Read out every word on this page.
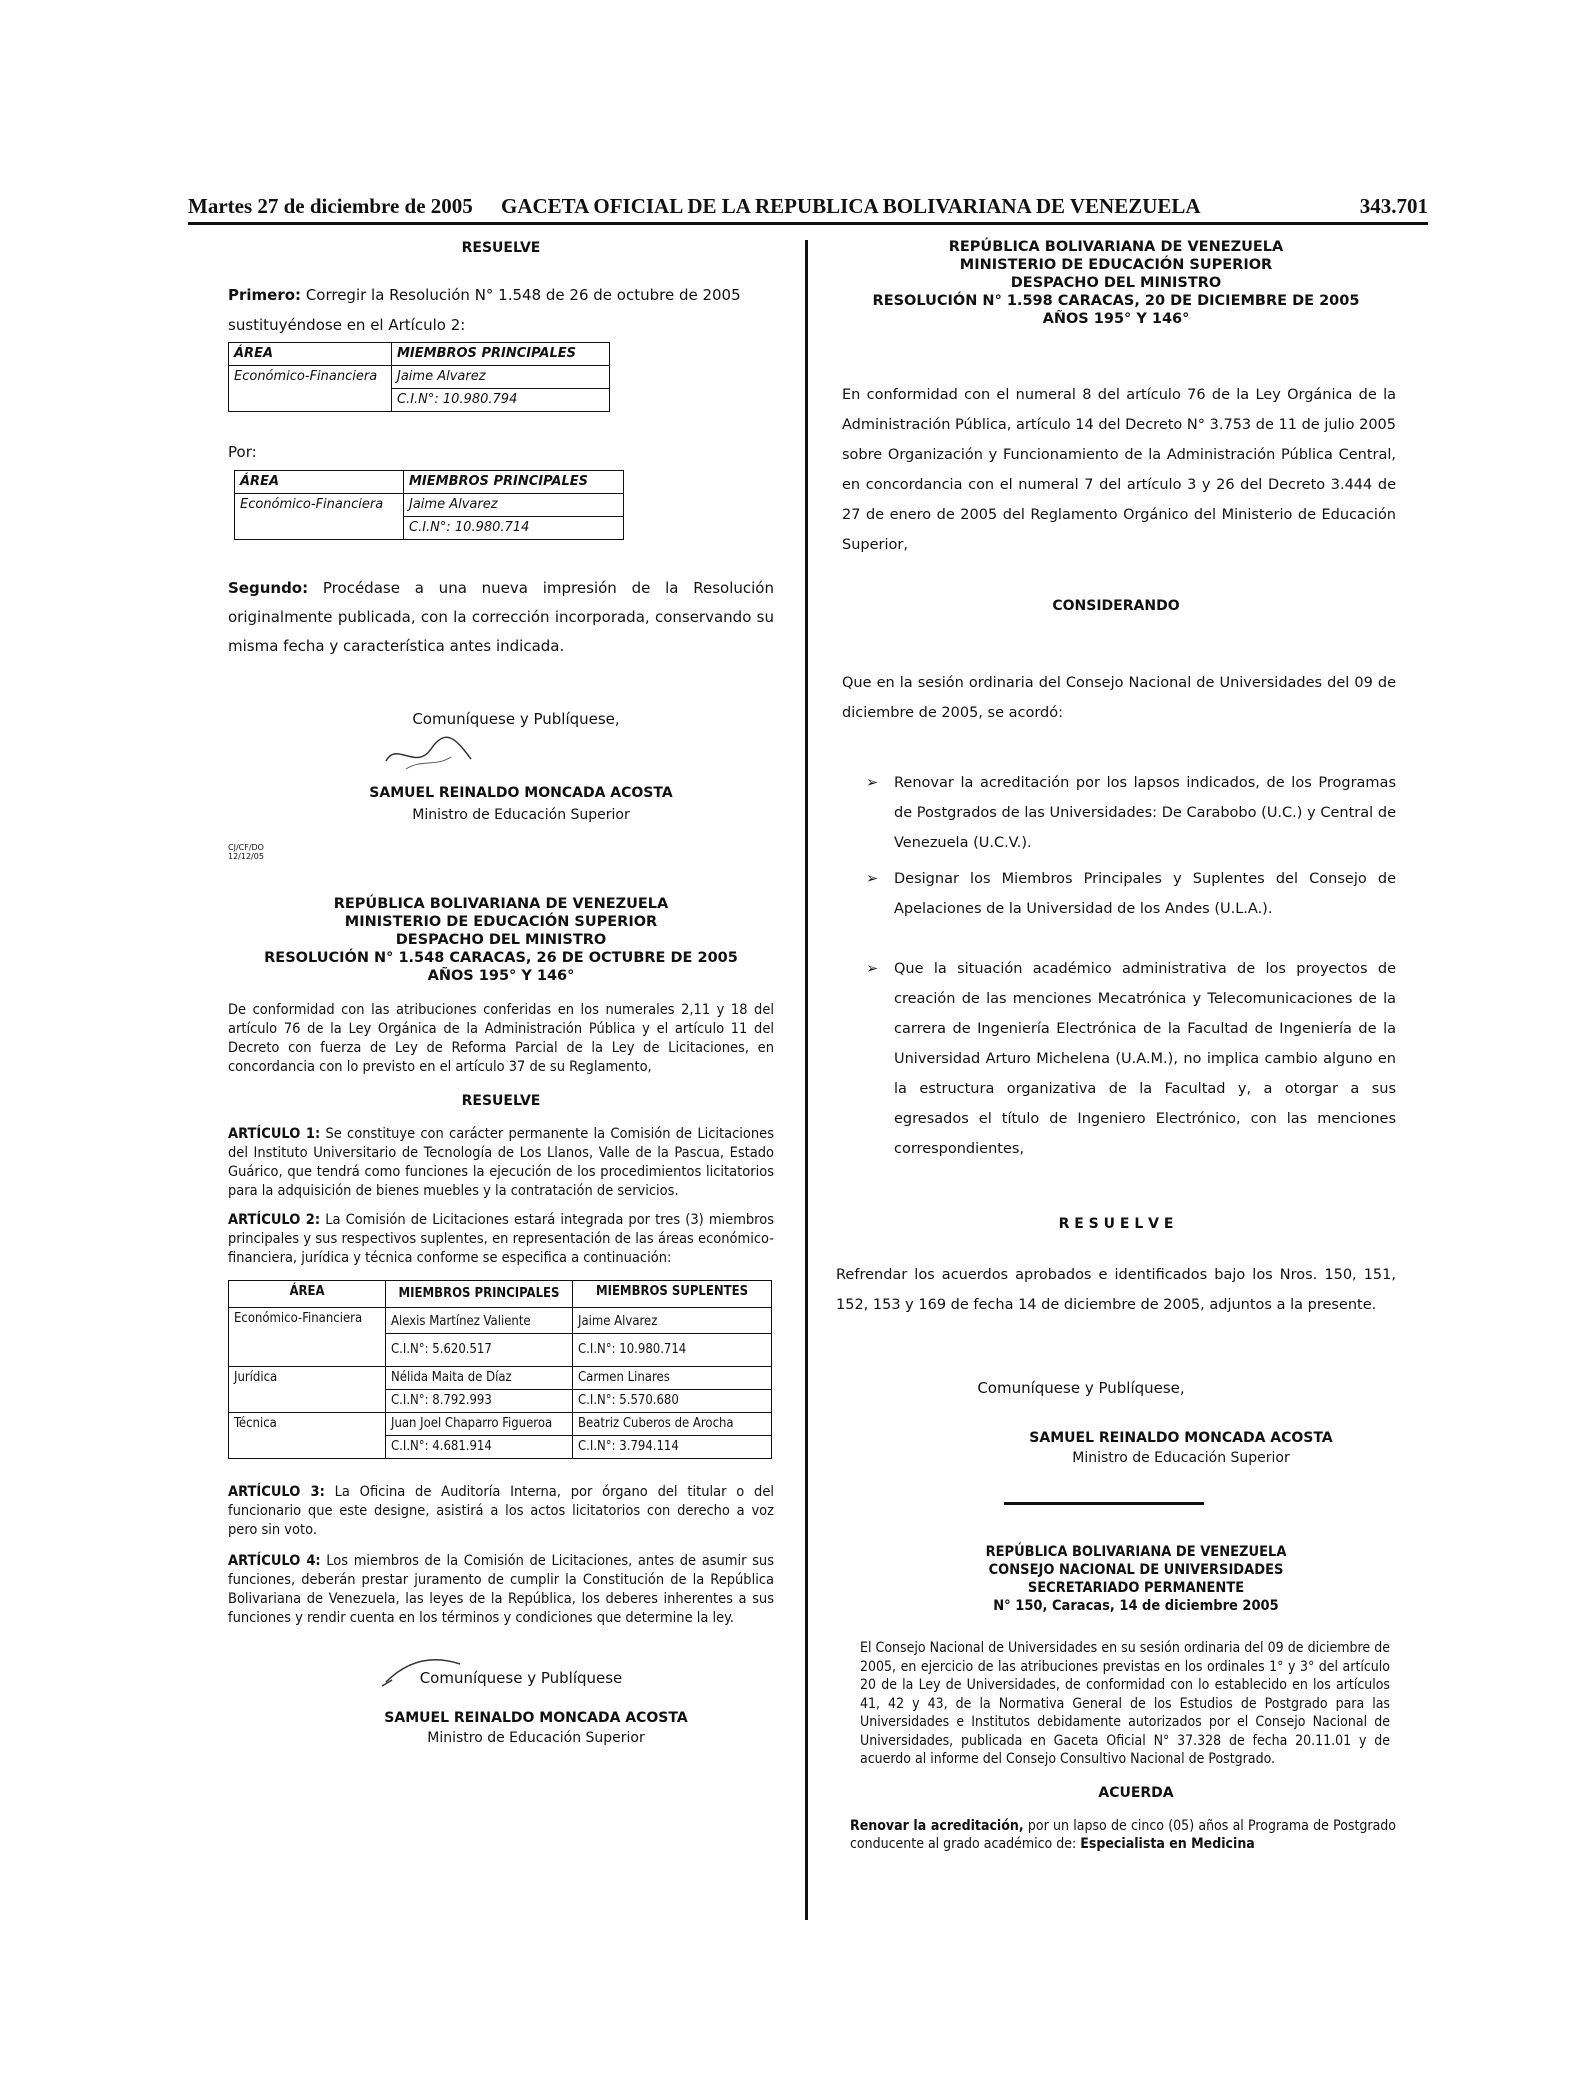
Martes 27 de diciembre de 2005 GACETA OFICIAL DE LA REPUBLICA BOLIVARIANA DE VENEZUELA	343.701

RESUELVE

Primero: Corregir la Resolución N° 1.548 de 26 de octubre de 2005 sustituyéndose en el Artículo 2:

ÁREA	MIEMBROS PRINCIPALES
Económico-Financiera	Jaime Alvarez
	C.I.N°: 10.980.794

Por:

ÁREA	MIEMBROS PRINCIPALES
Económico-Financiera	Jaime Alvarez
	C.I.N°: 10.980.714

Segundo: Procédase a una nueva impresión de la Resolución originalmente publicada, con la corrección incorporada, conservando su misma fecha y característica antes indicada.

Comuníquese y Publíquese,

SAMUEL REINALDO MONCADA ACOSTA

Ministro de Educación Superior

CJ/CF/DO
12/12/05

REPÚBLICA BOLIVARIANA DE VENEZUELA

MINISTERIO DE EDUCACIÓN SUPERIOR

DESPACHO DEL MINISTRO

RESOLUCIÓN N° 1.548 CARACAS, 26 DE OCTUBRE DE 2005

AÑOS 195° Y 146°

De conformidad con las atribuciones conferidas en los numerales 2,11 y 18 del artículo 76 de la Ley Orgánica de la Administración Pública y el artículo 11 del Decreto con fuerza de Ley de Reforma Parcial de la Ley de Licitaciones, en concordancia con lo previsto en el artículo 37 de su Reglamento,

RESUELVE

ARTÍCULO 1: Se constituye con carácter permanente la Comisión de Licitaciones del Instituto Universitario de Tecnología de Los Llanos, Valle de la Pascua, Estado Guárico, que tendrá como funciones la ejecución de los procedimientos licitatorios para la adquisición de bienes muebles y la contratación de servicios.

ARTÍCULO 2: La Comisión de Licitaciones estará integrada por tres (3) miembros principales y sus respectivos suplentes, en representación de las áreas económico-financiera, jurídica y técnica conforme se especifica a continuación:

ÁREA	MIEMBROS PRINCIPALES	MIEMBROS SUPLENTES
Económico-Financiera	Alexis Martínez Valiente	Jaime Alvarez
	C.I.N°: 5.620.517	C.I.N°: 10.980.714
Jurídica	Nélida Maita de Díaz	Carmen Linares
	C.I.N°: 8.792.993	C.I.N°: 5.570.680
Técnica	Juan Joel Chaparro Figueroa	Beatriz Cuberos de Arocha
	C.I.N°: 4.681.914	C.I.N°: 3.794.114

ARTÍCULO 3: La Oficina de Auditoría Interna, por órgano del titular o del funcionario que este designe, asistirá a los actos licitatorios con derecho a voz pero sin voto.

ARTÍCULO 4: Los miembros de la Comisión de Licitaciones, antes de asumir sus funciones, deberán prestar juramento de cumplir la Constitución de la República Bolivariana de Venezuela, las leyes de la República, los deberes inherentes a sus funciones y rendir cuenta en los términos y condiciones que determine la ley.

Comuníquese y Publíquese

SAMUEL REINALDO MONCADA ACOSTA

Ministro de Educación Superior

REPÚBLICA BOLIVARIANA DE VENEZUELA

MINISTERIO DE EDUCACIÓN SUPERIOR

DESPACHO DEL MINISTRO

RESOLUCIÓN N° 1.598 CARACAS, 20 DE DICIEMBRE DE 2005

AÑOS 195° Y 146°

En conformidad con el numeral 8 del artículo 76 de la Ley Orgánica de la Administración Pública, artículo 14 del Decreto N° 3.753 de 11 de julio 2005 sobre Organización y Funcionamiento de la Administración Pública Central, en concordancia con el numeral 7 del artículo 3 y 26 del Decreto 3.444 de 27 de enero de 2005 del Reglamento Orgánico del Ministerio de Educación Superior,

CONSIDERANDO

Que en la sesión ordinaria del Consejo Nacional de Universidades del 09 de diciembre de 2005, se acordó:

➢ Renovar la acreditación por los lapsos indicados, de los Programas de Postgrados de las Universidades: De Carabobo (U.C.) y Central de Venezuela (U.C.V.).
➢ Designar los Miembros Principales y Suplentes del Consejo de Apelaciones de la Universidad de los Andes (U.L.A.).
➢ Que la situación académico administrativa de los proyectos de creación de las menciones Mecatrónica y Telecomunicaciones de la carrera de Ingeniería Electrónica de la Facultad de Ingeniería de la Universidad Arturo Michelena (U.A.M.), no implica cambio alguno en la estructura organizativa de la Facultad y, a otorgar a sus egresados el título de Ingeniero Electrónico, con las menciones correspondientes,

R E S U E L V E

Refrendar los acuerdos aprobados e identificados bajo los Nros. 150, 151, 152, 153 y 169 de fecha 14 de diciembre de 2005, adjuntos a la presente.

Comuníquese y Publíquese,

SAMUEL REINALDO MONCADA ACOSTA

Ministro de Educación Superior

REPÚBLICA BOLIVARIANA DE VENEZUELA

CONSEJO NACIONAL DE UNIVERSIDADES

SECRETARIADO PERMANENTE

N° 150, Caracas, 14 de diciembre 2005

El Consejo Nacional de Universidades en su sesión ordinaria del 09 de diciembre de 2005, en ejercicio de las atribuciones previstas en los ordinales 1° y 3° del artículo 20 de la Ley de Universidades, de conformidad con lo establecido en los artículos 41, 42 y 43, de la Normativa General de los Estudios de Postgrado para las Universidades e Institutos debidamente autorizados por el Consejo Nacional de Universidades, publicada en Gaceta Oficial N° 37.328 de fecha 20.11.01 y de acuerdo al informe del Consejo Consultivo Nacional de Postgrado.

ACUERDA

Renovar la acreditación, por un lapso de cinco (05) años al Programa de Postgrado conducente al grado académico de: Especialista en Medicina
